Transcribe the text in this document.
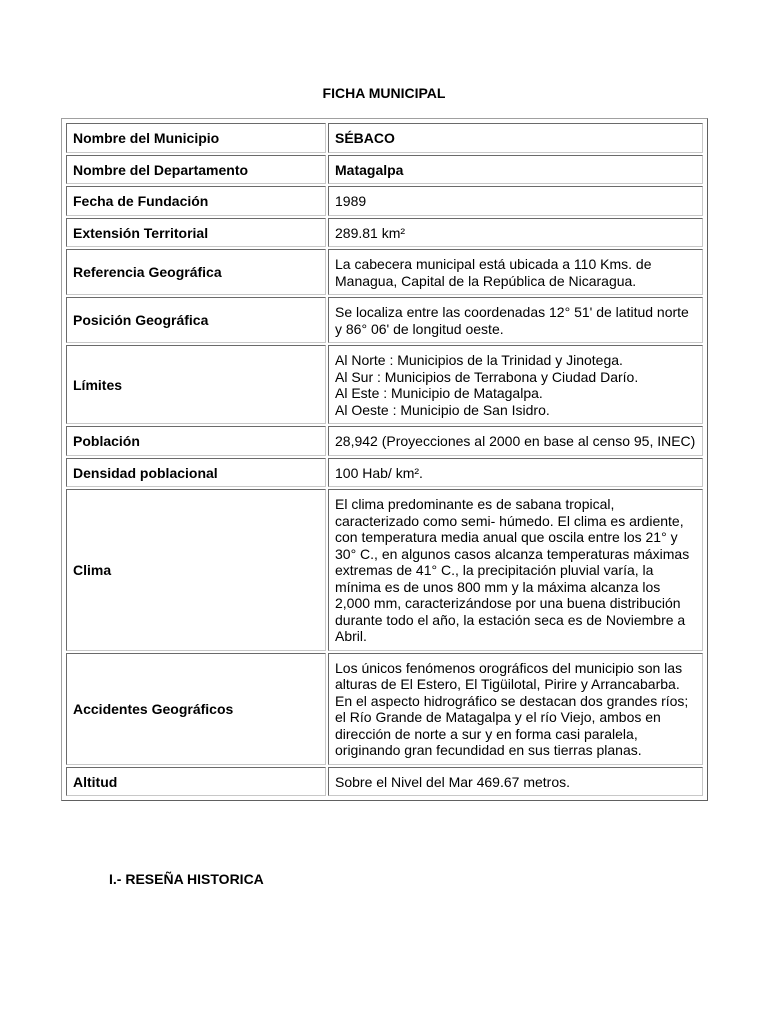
FICHA MUNICIPAL
Nombre del Municipio	SÉBACO

Nombre del Departamento	Matagalpa

Fecha de Fundación	1989

Extensión Territorial	289.81 km²

Referencia Geográfica	La cabecera municipal está ubicada a 110 Kms. de Managua, Capital de la República de Nicaragua.

Posición Geográfica	Se localiza entre las coordenadas 12° 51' de latitud norte y 86° 06' de longitud oeste.

Límites	Al Norte : Municipios de la Trinidad y Jinotega.
Al Sur : Municipios de Terrabona y Ciudad Darío.
Al Este : Municipio de Matagalpa.
Al Oeste : Municipio de San Isidro.

Población	28,942 (Proyecciones al 2000 en base al censo 95, INEC)

Densidad poblacional	100 Hab/ km².

Clima	El clima predominante es de sabana tropical, caracterizado como semi- húmedo. El clima es ardiente, con temperatura media anual que oscila entre los 21° y 30° C., en algunos casos alcanza temperaturas máximas extremas de 41° C., la precipitación pluvial varía, la mínima es de unos 800 mm y la máxima alcanza los 2,000 mm, caracterizándose por una buena distribución durante todo el año, la estación seca es de Noviembre a Abril.

Accidentes Geográficos	Los únicos fenómenos orográficos del municipio son las alturas de El Estero, El Tigüilotal, Pirire y Arrancabarba. En el aspecto hidrográfico se destacan dos grandes ríos; el Río Grande de Matagalpa y el río Viejo, ambos en dirección de norte a sur y en forma casi paralela, originando gran fecundidad en sus tierras planas.

Altitud	Sobre el Nivel del Mar 469.67 metros.
I.- RESEÑA HISTORICA
